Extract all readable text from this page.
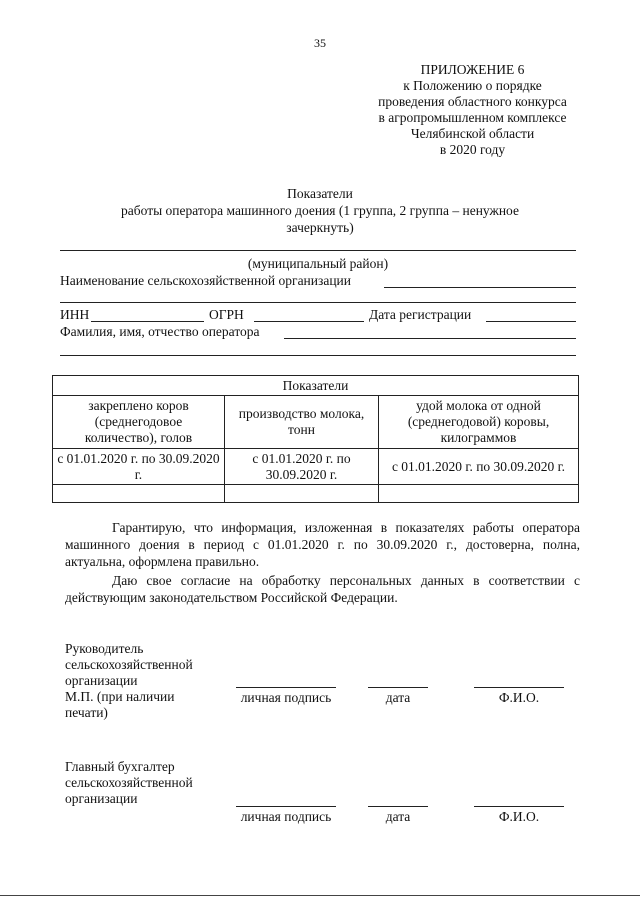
35
ПРИЛОЖЕНИЕ 6
к Положению о порядке
проведения областного конкурса
в агропромышленном комплексе
Челябинской области
в 2020 году
Показатели
работы оператора машинного доения (1 группа, 2 группа – ненужное
зачеркнуть)
(муниципальный район)
Наименование сельскохозяйственной организации
ИНН	ОГРН	Дата регистрации
Фамилия, имя, отчество оператора
Показатели		
закреплено коров (среднегодовое количество), голов	производство молока, тонн	удой молока от одной (среднегодовой) коровы, килограммов
с 01.01.2020 г. по 30.09.2020 г.	с 01.01.2020 г. по 30.09.2020 г.	с 01.01.2020 г. по 30.09.2020 г.

Гарантирую, что информация, изложенная в показателях работы оператора машинного доения в период с 01.01.2020 г. по 30.09.2020 г., достоверна, полна, актуальна, оформлена правильно.
Даю свое согласие на обработку персональных данных в соответствии с действующим законодательством Российской Федерации.
Руководитель
сельскохозяйственной
организации
М.П. (при наличии
печати)
личная подпись	дата	Ф.И.О.
Главный бухгалтер
сельскохозяйственной
организации
личная подпись	дата	Ф.И.О.
